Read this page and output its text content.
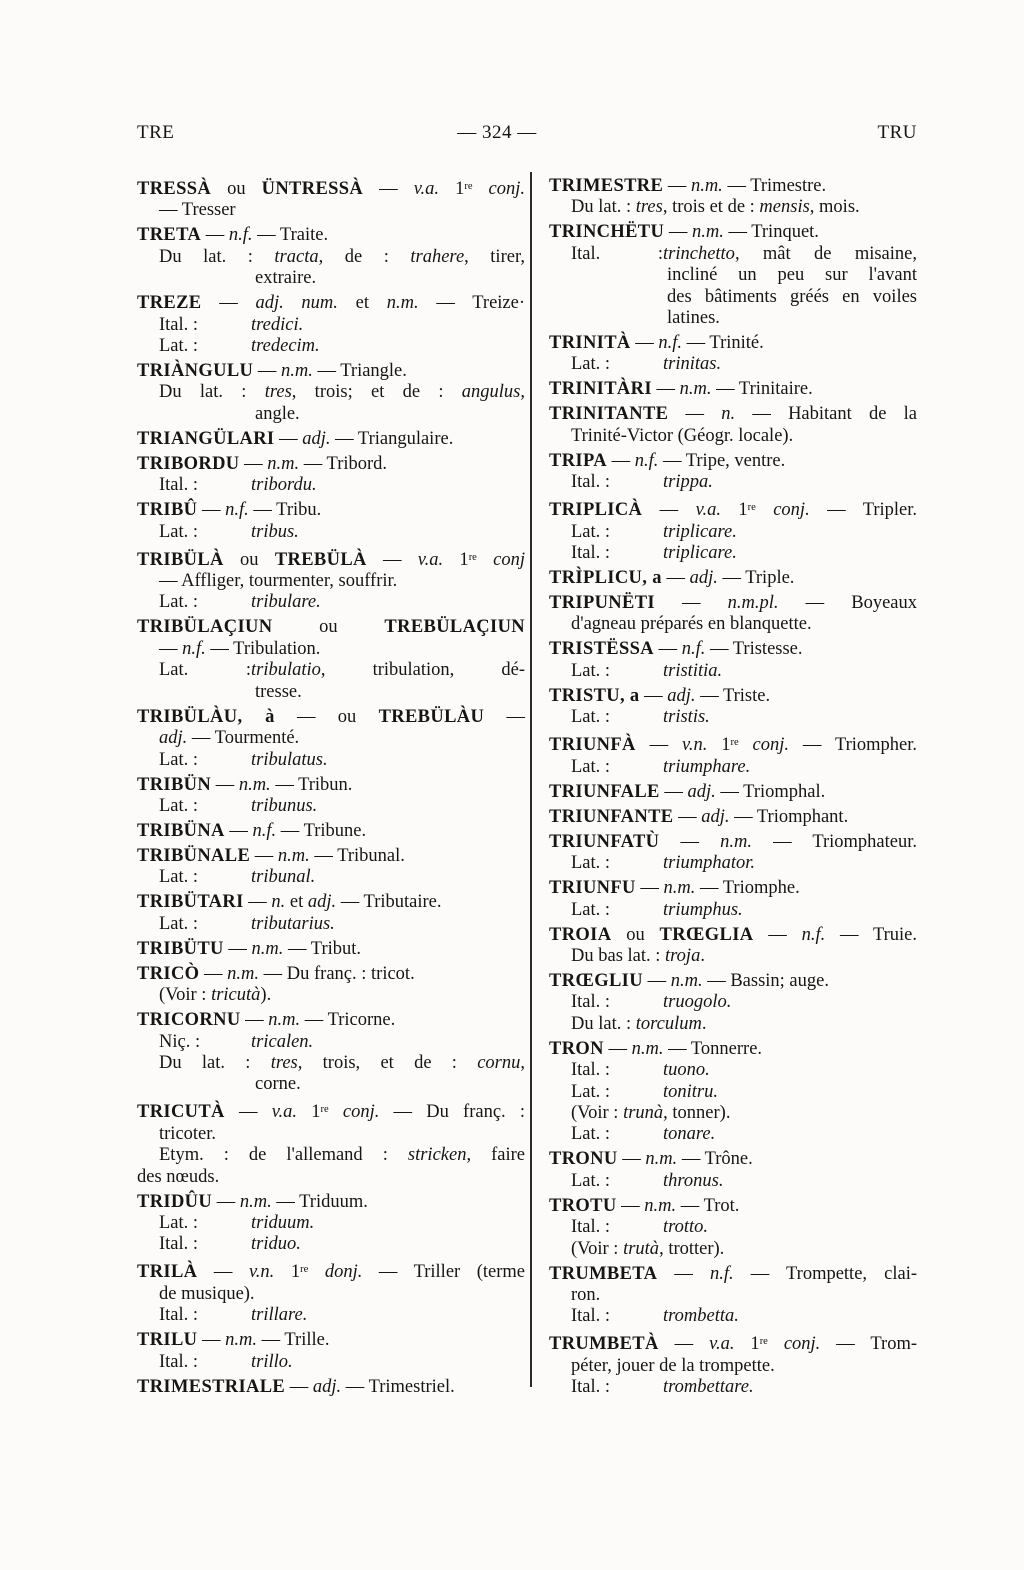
TRE	— 324 —	TRU
TRESSÀ ou ÜNTRESSÀ — v.a. 1re conj.
— Tresser
TRETA — n.f. — Traite.
Du lat. : tracta, de : trahere, tirer,
extraire.
TREZE — adj. num. et n.m. — Treize·
Ital. :	tredici.
Lat. :	tredecim.
TRIÀNGULU — n.m. — Triangle.
Du lat. : tres, trois; et de : angulus,
angle.
TRIANGÜLARI — adj. — Triangulaire.
TRIBORDU — n.m. — Tribord.
Ital. :	tribordu.
TRIBÛ — n.f. — Tribu.
Lat. :	tribus.
TRIBÜLÀ ou TREBÜLÀ — v.a. 1re conj
— Affliger, tourmenter, souffrir.
Lat. :	tribulare.
TRIBÜLAÇIUN ou TREBÜLAÇIUN
— n.f. — Tribulation.
Lat. :tribulatio, tribulation, dé-
tresse.
TRIBÜLÀU, à — ou TREBÜLÀU —
adj. — Tourmenté.
Lat. :	tribulatus.
TRIBÜN — n.m. — Tribun.
Lat. :	tribunus.
TRIBÜNA — n.f. — Tribune.
TRIBÜNALE — n.m. — Tribunal.
Lat. :	tribunal.
TRIBÜTARI — n. et adj. — Tributaire.
Lat. :	tributarius.
TRIBÜTU — n.m. — Tribut.
TRICÒ — n.m. — Du franç. : tricot.
(Voir : tricutà).
TRICORNU — n.m. — Tricorne.
Niç. :	tricalen.
Du lat. : tres, trois, et de : cornu,
corne.
TRICUTÀ — v.a. 1re conj. — Du franç. :
tricoter.
Etym. : de l'allemand : stricken, faire
des nœuds.
TRIDÛU — n.m. — Triduum.
Lat. :	triduum.
Ital. :	triduo.
TRILÀ — v.n. 1re donj. — Triller (terme
de musique).
Ital. :	trillare.
TRILU — n.m. — Trille.
Ital. :	trillo.
TRIMESTRIALE — adj. — Trimestriel.
TRIMESTRE — n.m. — Trimestre.
Du lat. : tres, trois et de : mensis, mois.
TRINCHËTU — n.m. — Trinquet.
Ital. :trinchetto, mât de misaine,
incliné un peu sur l'avant
des bâtiments gréés en voiles
latines.
TRINITÀ — n.f. — Trinité.
Lat. :	trinitas.
TRINITÀRI — n.m. — Trinitaire.
TRINITANTE — n. — Habitant de la
Trinité-Victor (Géogr. locale).
TRIPA — n.f. — Tripe, ventre.
Ital. :	trippa.
TRIPLICÀ — v.a. 1re conj. — Tripler.
Lat. :	triplicare.
Ital. :	triplicare.
TRÌPLICU, a — adj. — Triple.
TRIPUNËTI — n.m.pl. — Boyeaux
d'agneau préparés en blanquette.
TRISTËSSA — n.f. — Tristesse.
Lat. :	tristitia.
TRISTU, a — adj. — Triste.
Lat. :	tristis.
TRIUNFÀ — v.n. 1re conj. — Triompher.
Lat. :	triumphare.
TRIUNFALE — adj. — Triomphal.
TRIUNFANTE — adj. — Triomphant.
TRIUNFATÙ — n.m. — Triomphateur.
Lat. :	triumphator.
TRIUNFU — n.m. — Triomphe.
Lat. :	triumphus.
TROIA ou TRŒGLIA — n.f. — Truie.
Du bas lat. : troja.
TRŒGLIU — n.m. — Bassin; auge.
Ital. :	truogolo.
Du lat. : torculum.
TRON — n.m. — Tonnerre.
Ital. :	tuono.
Lat. :	tonitru.
(Voir : trunà, tonner).
Lat. :	tonare.
TRONU — n.m. — Trône.
Lat. :	thronus.
TROTU — n.m. — Trot.
Ital. :	trotto.
(Voir : trutà, trotter).
TRUMBETA — n.f. — Trompette, clai-
ron.
Ital. :	trombetta.
TRUMBETÀ — v.a. 1re conj. — Trom-
péter, jouer de la trompette.
Ital. :	trombettare.
